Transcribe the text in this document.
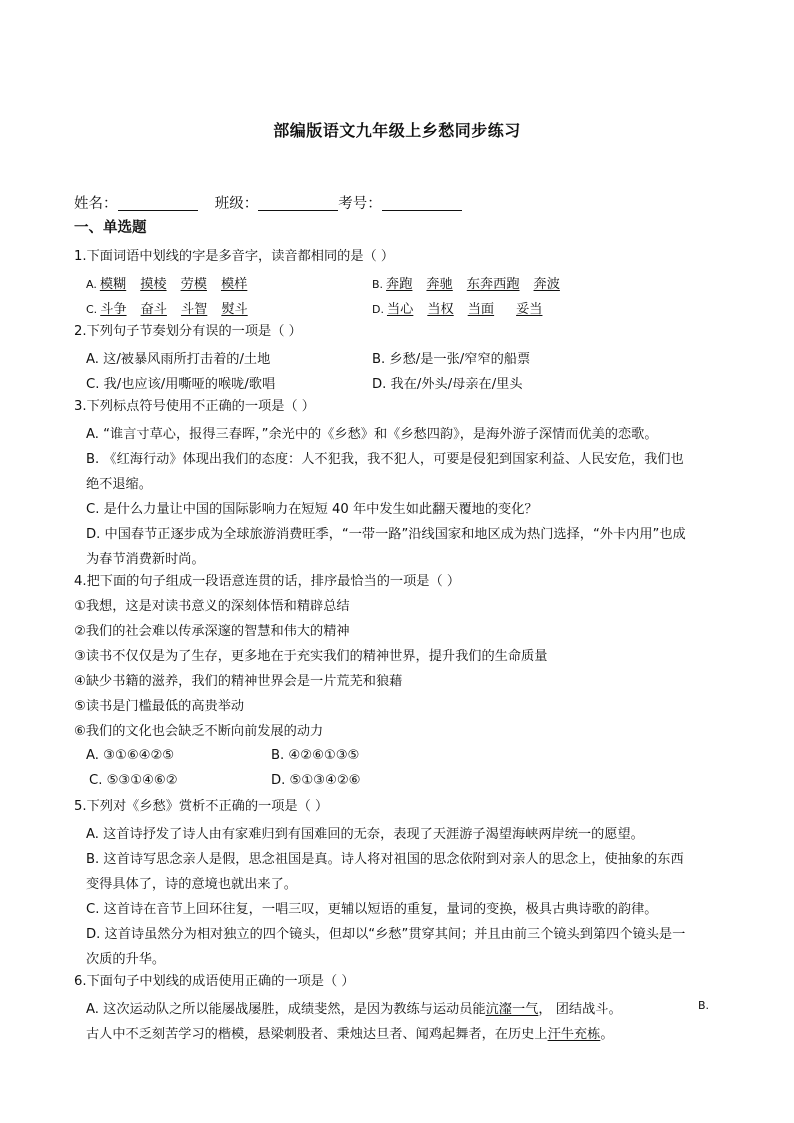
部编版语文九年级上乡愁同步练习
姓名：	班级：	考号：
一、单选题
1.下面词语中划线的字是多音字，读音都相同的是（ ）
A. 模糊 摸棱 劳模 模样	B. 奔跑 奔驰 东奔西跑 奔波
C. 斗争 奋斗 斗智 熨斗	D. 当心 当权 当面 妥当
2.下列句子节奏划分有误的一项是（ ）
A. 这/被暴风雨所打击着的/土地	B. 乡愁/是一张/窄窄的船票
C. 我/也应该/用嘶哑的喉咙/歌唱	D. 我在/外头/母亲在/里头
3.下列标点符号使用不正确的一项是（ ）
A. “谁言寸草心，报得三春晖，”余光中的《乡愁》和《乡愁四韵》，是海外游子深情而优美的恋歌。
B. 《红海行动》体现出我们的态度：人不犯我，我不犯人，可要是侵犯到国家利益、人民安危，我们也
绝不退缩。
C. 是什么力量让中国的国际影响力在短短 40 年中发生如此翻天覆地的变化？
D. 中国春节正逐步成为全球旅游消费旺季，“一带一路”沿线国家和地区成为热门选择，“外卡内用”也成
为春节消费新时尚。
4.把下面的句子组成一段语意连贯的话，排序最恰当的一项是（ ）
①我想，这是对读书意义的深刻体悟和精辟总结
②我们的社会难以传承深邃的智慧和伟大的精神
③读书不仅仅是为了生存，更多地在于充实我们的精神世界，提升我们的生命质量
④缺少书籍的滋养，我们的精神世界会是一片荒芜和狼藉
⑤读书是门槛最低的高贵举动
⑥我们的文化也会缺乏不断向前发展的动力
A. ③①⑥④②⑤	B. ④②⑥①③⑤
C. ⑤③①④⑥②	D. ⑤①③④②⑥
5.下列对《乡愁》赏析不正确的一项是（ ）
A. 这首诗抒发了诗人由有家难归到有国难回的无奈，表现了天涯游子渴望海峡两岸统一的愿望。
B. 这首诗写思念亲人是假，思念祖国是真。诗人将对祖国的思念依附到对亲人的思念上，使抽象的东西
变得具体了，诗的意境也就出来了。
C. 这首诗在音节上回环往复，一唱三叹，更辅以短语的重复，量词的变换，极具古典诗歌的韵律。
D. 这首诗虽然分为相对独立的四个镜头，但却以“乡愁”贯穿其间；并且由前三个镜头到第四个镜头是一
次质的升华。
6.下面句子中划线的成语使用正确的一项是（ ）
A. 这次运动队之所以能屡战屡胜，成绩斐然，是因为教练与运动员能沆瀣一气， 团结战斗。	B.
古人中不乏刻苦学习的楷模，悬梁刺股者、秉烛达旦者、闻鸡起舞者，在历史上汗牛充栋。
